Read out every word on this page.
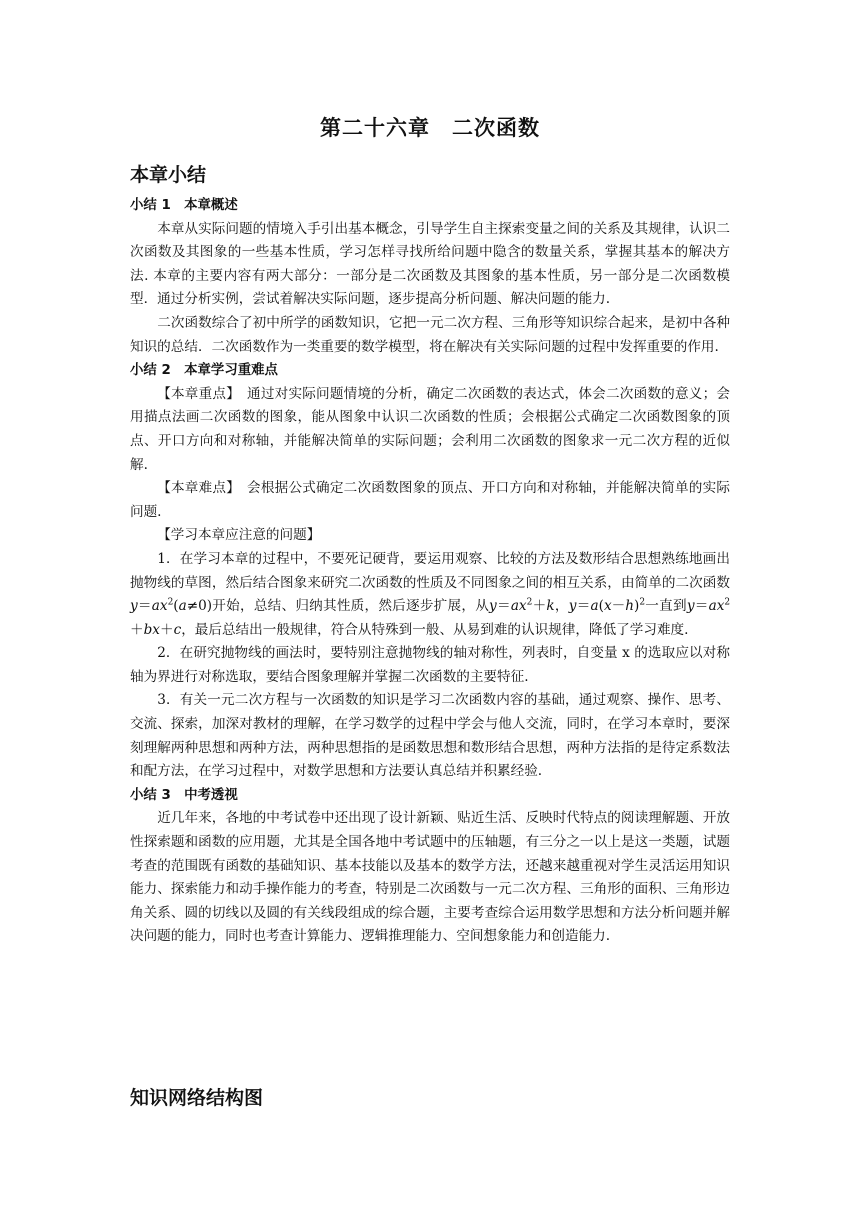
第二十六章　二次函数
本章小结

小结 1　本章概述

本章从实际问题的情境入手引出基本概念，引导学生自主探索变量之间的关系及其规律，认识二次函数及其图象的一些基本性质，学习怎样寻找所给问题中隐含的数量关系，掌握其基本的解决方法. 本章的主要内容有两大部分：一部分是二次函数及其图象的基本性质，另一部分是二次函数模型．通过分析实例，尝试着解决实际问题，逐步提高分析问题、解决问题的能力.

二次函数综合了初中所学的函数知识，它把一元二次方程、三角形等知识综合起来，是初中各种知识的总结．二次函数作为一类重要的数学模型，将在解决有关实际问题的过程中发挥重要的作用.

小结 2　本章学习重难点

【本章重点】　 通过对实际问题情境的分析，确定二次函数的表达式，体会二次函数的意义；会用描点法画二次函数的图象，能从图象中认识二次函数的性质；会根据公式确定二次函数图象的顶点、开口方向和对称轴，并能解决简单的实际问题；会利用二次函数的图象求一元二次方程的近似解.

【本章难点】　 会根据公式确定二次函数图象的顶点、开口方向和对称轴，并能解决简单的实际问题.

【学习本章应注意的问题】

1．在学习本章的过程中，不要死记硬背，要运用观察、比较的方法及数形结合思想熟练地画出抛物线的草图，然后结合图象来研究二次函数的性质及不同图象之间的相互关系，由简单的二次函数$y=ax^2(a\ne 0)$开始，总结、归纳其性质，然后逐步扩展，从$y=ax^2+k$，$y=a(x-h)^2$一直到$y=ax^2+bx+c$，最后总结出一般规律，符合从特殊到一般、从易到难的认识规律，降低了学习难度.

2．在研究抛物线的画法时，要特别注意抛物线的轴对称性，列表时，自变量 x 的选取应以对称轴为界进行对称选取，要结合图象理解并掌握二次函数的主要特征.

3．有关一元二次方程与一次函数的知识是学习二次函数内容的基础，通过观察、操作、思考、交流、探索，加深对教材的理解，在学习数学的过程中学会与他人交流，同时，在学习本章时，要深刻理解两种思想和两种方法，两种思想指的是函数思想和数形结合思想，两种方法指的是待定系数法和配方法，在学习过程中，对数学思想和方法要认真总结并积累经验.

小结 3　中考透视

近几年来，各地的中考试卷中还出现了设计新颖、贴近生活、反映时代特点的阅读理解题、开放性探索题和函数的应用题，尤其是全国各地中考试题中的压轴题，有三分之一以上是这一类题，试题考查的范围既有函数的基础知识、基本技能以及基本的数学方法，还越来越重视对学生灵活运用知识能力、探索能力和动手操作能力的考查，特别是二次函数与一元二次方程、三角形的面积、三角形边角关系、圆的切线以及圆的有关线段组成的综合题，主要考查综合运用数学思想和方法分析问题并解决问题的能力，同时也考查计算能力、逻辑推理能力、空间想象能力和创造能力.

知识网络结构图
